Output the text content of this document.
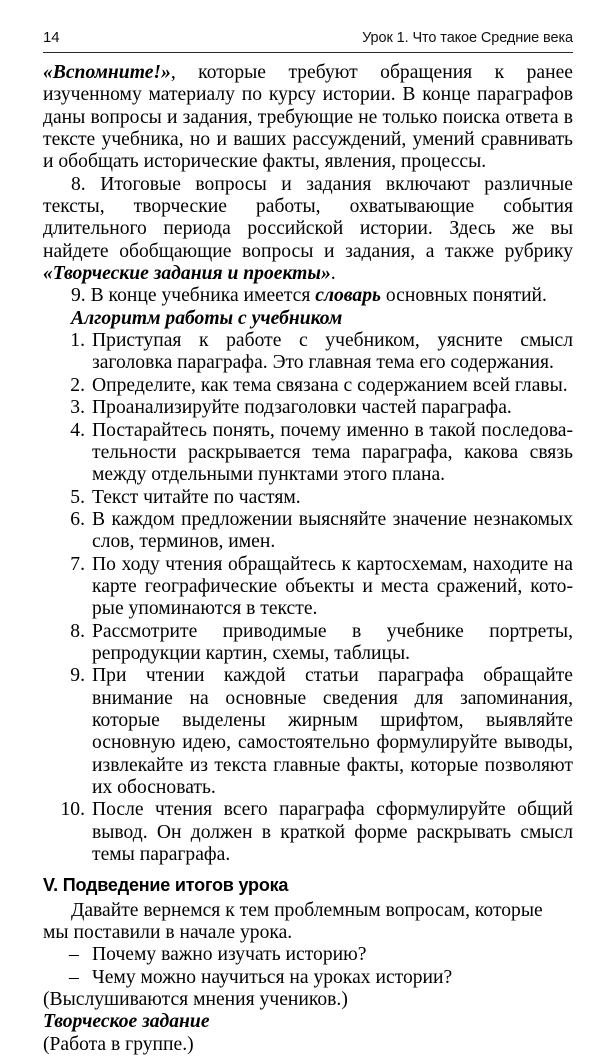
14	Урок 1. Что такое Средние века

«Вспомните!», которые требуют обращения к ранее изученному материалу по курсу истории. В конце параграфов даны вопросы и задания, требующие не только поиска ответа в тексте учебника, но и ваших рассуждений, умений сравнивать и обобщать исторические факты, явления, процессы.

8. Итоговые вопросы и задания включают различные тексты, творческие работы, охватывающие события длительного периода российской истории. Здесь же вы найдете обобщающие вопросы и задания, а также рубрику «Творческие задания и проекты».

9. В конце учебника имеется словарь основных понятий.

Алгоритм работы с учебником

1. Приступая к работе с учебником, уясните смысл заголовка параграфа. Это главная тема его содержания.
2. Определите, как тема связана с содержанием всей главы.
3. Проанализируйте подзаголовки частей параграфа.
4. Постарайтесь понять, почему именно в такой последовательности раскрывается тема параграфа, какова связь между отдельными пунктами этого плана.
5. Текст читайте по частям.
6. В каждом предложении выясняйте значение незнакомых слов, терминов, имен.
7. По ходу чтения обращайтесь к картосхемам, находите на карте географические объекты и места сражений, которые упоминаются в тексте.
8. Рассмотрите приводимые в учебнике портреты, репродукции картин, схемы, таблицы.
9. При чтении каждой статьи параграфа обращайте внимание на основные сведения для запоминания, которые выделены жирным шрифтом, выявляйте основную идею, самостоятельно формулируйте выводы, извлекайте из текста главные факты, которые позволяют их обосновать.
10. После чтения всего параграфа сформулируйте общий вывод. Он должен в краткой форме раскрывать смысл темы параграфа.

V. Подведение итогов урока

Давайте вернемся к тем проблемным вопросам, которые мы поставили в начале урока.

– Почему важно изучать историю?
– Чему можно научиться на уроках истории?

(Выслушиваются мнения учеников.)

Творческое задание

(Работа в группе.)
